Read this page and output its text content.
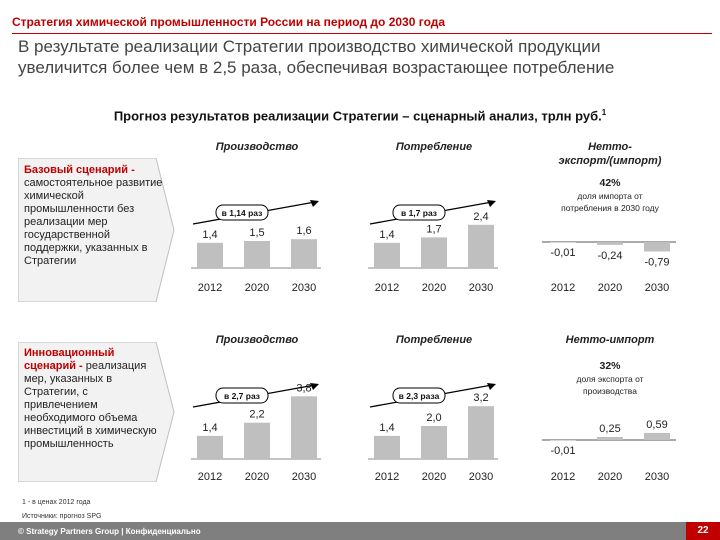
Стратегия химической промышленности России на период до 2030 года
В результате реализации Стратегии производство химической продукции
увеличится более чем в 2,5 раза, обеспечивая возрастающее потребление
Прогноз результатов реализации Стратегии – сценарный анализ, трлн руб.$^1$
Базовый сценарий - самостоятельное развитие химической промышленности без реализации мер государственной поддержки, указанных в Стратегии
Инновационный сценарий - реализация мер, указанных в Стратегии, с привлечением необходимого объема инвестиций в химическую промышленность
Производство
1,4
2012
1,5
2020
1,6
2030
в 1,14 раз
Потребление
1,4
2012
1,7
2020
2,4
2030
в 1,7 раз
Нетто-
экспорт/(импорт)
-0,01
2012
-0,24
2020
-0,79
2030
42%
доля импорта от
потребления в 2030 году
Производство
1,4
2012
2,2
2020
3,8
2030
в 2,7 раз
Потребление
1,4
2012
2,0
2020
3,2
2030
в 2,3 раза
Нетто-импорт
-0,01
2012
0,25
2020
0,59
2030
32%
доля экспорта от
производства
1 - в ценах 2012 года
Источники: прогноз SPG
© Strategy Partners Group | Конфиденциально	22
